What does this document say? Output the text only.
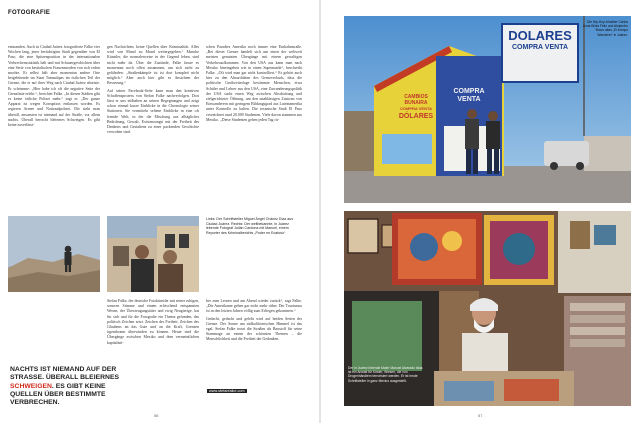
FOTOGRAFIE

entstanden. Auch in Ciudad Juárez fotografierte Falke vier Wochen lang, jener berüchtigten Stadt gegenüber von El Paso, die eine Spitzenposition in der internationalen Verbrechensstatistik hält und mit Schauergeschichten über eine Serie von bestialischen Frauenmorden von sich reden machte. Er selbst hält aber momentan andere Orte beigeleitende im Staat Tamaulipas im östlichen Teil der Grenze, die er auf ihrer Weg nach Ciudad Juárez abreiste. Er schrimme: „Hier habe ich oft die negative Seite der Grenzlinie erlebt.“, berichtet Falke. „In diesen Städten gibt es keine örtliche Polizei mehr.“ sagt er. „Der ganze Apparat ist wegen Korruption entlassen worden. Es regieren Armee und Nationalpolizei. Die sieht man überall, ansonsten ist niemand auf der Straße, vor allem nachts. Überall herrscht bleiernes Schweigen. Es gibt keine zuverlässi-

gen Nachrichten, keine Quellen über Kriminalität. Alles wird von Mund zu Mund weitergegeben.“ Manche Künstler, die normalerweise in der Gegend leben, sind nicht mehr da. Über die Zustände, Falke fasste es momentan noch offen zusammen, um sich nicht zu gefährden: „Straßenkämpfe ist ist dort komplett nicht möglich.“ Aber auch hier gibt es Ansichten der Besserung.“

Auf seiner Facebook-Seite kann man den kreativen Schaffensprozess von Stefan Falke nachverfolgen. Dort lässt er uns teilhaben an seinen Begegnungen und zeigt schon einmal kurze Einblicke in die Chronologie seiner Stationen. Sie vermitteln seltene Einblicke in eine oft fremde Welt, in der die Mischung aus alltäglicher Bedrohung, Gewalt, Existenzangst mit der Freiheit des Denkens und Gestaltens zu einer packenden Geschichte verwoben sind.

schen Paradies Amerika noch immer eine Einbahnstraße. „Bei dieser Grenze handelt sich um einen der weltweit meisten genutzten Übergänge mit einem gewaltigen Verkehrsaufkommen. Von den USA aus kann man nach Mexiko hineingehen wie in einen Supermarkt“, beschreibt Falke. „Oft wird man gar nicht kontrolliert.“ Es gehört auch hier zu den Absurditäten des Grenzverlaufs, dass die politische Großwetterlage bestimmte Menschen, etwa Schüler und Lehrer aus den USA, eine Zuwanderungspolitik der USA sucht einen Weg zwischen Abschottung und zielgerichteter Öffnung, um den unablässigen Zustrom von Einwanderern mit geringem Bildungsgrad aus Lateinamerika unter Kontrolle zu halten. Die texanische Stadt El Paso verzeichnet rund 20.000 Studenten. Viele davon stammen aus Mexiko. „Diese Studenten gehen jeden Tag rü-

Links: Der Schriftsteller Miguel Ángel Chávez Díaz aus Ciudad Juárez. Rechts: Der weltbekannte, in Juárez lebende Fotograf Julián Cardona mit Manuel, einem Reporter des Kriminalberichts „Poder en Ecatoso“

Stefan Falke, der deutsche Fotokünstler mit seiner ruhigen, sonoren Stimme und einem erfrischend entspannten Wesen, der Überzeugungstäter und ewig Neugierige, hat für sich und für die Fotografie ein Thema gefunden, das politisch Zeichen setzt. Zeichen der Freiheit. Zeichen des Glaubens an das Gute und an die Kraft, Grenzen irgendwann überwinden zu können. Heute sind die Übergänge zwischen Mexiko und dem vermeintlichen kapitalisti-

ber zum Lernen und am Abend wieder zurück“, sagt Falke. „Die Amerikaner gehen gar nicht mehr rüber. Der Tourismus ist in den letzten Jahren völlig zum Erliegen gekommen.“

Gedacht, gedacht und gelebt wird auf beiden Seiten der Grenze. Der Sonne am südkalifornischen Himmel ist das egal. Stefan Falke trotzt die Straßen als Baustoff für seine Stammage an einem der schönsten Themen – die Menschlichkeit und die Freiheit der Gedanken.

www.stefanfalke.com
NACHTS IST NIEMAND AUF DER STRASSE. ÜBERALL BLEIERNES SCHWEIGEN. ES GIBT KEINE QUELLEN ÜBER BESTIMMTE VERBRECHEN.
56
CAMBIOS
BUNAIRA
COMPRA VENTA
DÓLARES
DOLARES
COMPRA VENTA
COMPRA
VENTA
Die Hip-Hop-Musiker Carlos Anas Brida Feliz und Alejandro Bravo alias „El trompo Wanderer“ in Juárez.
Der in Juárez lebende Maler Manuel Alvarado Islas ist ein Anwalt für Kinder, Wiesen, die von Drogenhändlern terrorisiert werden. Er ist heute Schriftsteller in ganz Mexico ausgestellt.
57
